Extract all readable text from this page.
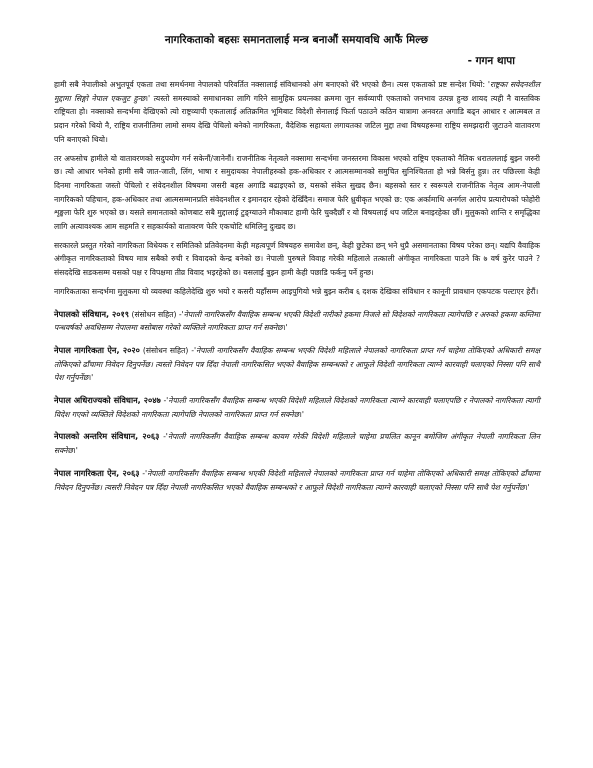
नागरिकताको बहसः समानतालाई मन्त्र बनाऔं समयावधि आफैं मिल्छ
- गगन थापा

हामी सबै नेपालीको अभुतपूर्व एकता तथा समर्थनमा नेपालको परिवर्तित नक्सालाई संविधानको अंग बनाएको धेरै भएको छैन। त्यस एकताको प्रष्ट सन्देश थियो: 'राष्ट्रका सवेदनशील मुद्दामा सिङ्गो नेपाल एकजुट हुन्छ।' त्यस्तो समस्याको समाधानका लागि गरिने सामुहिक प्रयत्नका क्रममा जुन सर्वव्यापी एकताको जनभाव उत्पन्न हुन्छ शायद त्यही नै वास्तविक राष्ट्रियता हो। नक्साको सन्दर्भमा देखिएको त्यो राष्ट्रव्यापी एकतालाई अतिक्रमित भूमिबाट विदेशी सेनालाई फिर्ता पठाउने कठिन यात्रामा अनवरत अगाडि बढ्न आधार र आत्मबल त प्रदान गरेको थियो नै, राष्ट्रिय राजनीतिमा लामो समय देखि पेचिलो बनेको नागरिकता, वैदेशिक सहायता लगायतका जटिल मुद्दा तथा विषयहरूमा राष्ट्रिय समझदारी जुटाउने वातावरण पनि बनाएको थियो।

तर अफसोच हामीले यो वातावरणको सदुपयोग गर्न सकेनौं/जानेनौं। राजनीतिक नेतृत्वले नक्सामा सन्दर्भमा जनस्तरमा विकास भएको राष्ट्रिय एकताको नैतिक धरातललाई बुझ्न जरुरी छ। त्यो आधार भनेको हामी सबै जात-जाती, लिंग, भाषा र समुदायका नेपालीहरुको हक-अधिकार र आत्मसम्मानको समुचित सुनिश्चितता हो भन्ने बिर्सनु हुन्न। तर पछिल्ला केही दिनमा नागरिकता जस्तो पेचिलो र संवेदनशील विषयमा जसरी बहस अगाडि बढाइएको छ, यसको संकेत सुखद छैन। बहसको स्तर र स्वरूपले राजनीतिक नेतृत्व आम-नेपाली नागरिकको पहिचान, हक-अधिकार तथा आत्मसम्मानप्रति संवेदनशील र इमानदार रहेको देखिँदैन। समाज फेरि ध्रुवीकृत भएको छ: एक अर्कामाथि अनर्गल आरोप प्रत्यारोपको फोहोरी शृङ्खला फेरि शुरु भएको छ। यसले समानताको कोणबाट सबै मुद्दालाई टुङ्ग्याउने मौकाबाट हामी फेरि चुक्दैछौं र यो विषयलाई थप जटिल बनाइरहेका छौं। मुलुकको शान्ति र समृद्धिका लागि अत्यावश्यक आम सहमति र सहकार्यको वातावरण फेरि एकचोटि धमिलिनु दुःखद छ।

सरकारले प्रस्तुत गरेको नागरिकता विधेयक र समितिको प्रतिवेदनमा केही महत्वपूर्ण विषयहरु समावेश छन्, केही छुटेका छन् भने थुप्रै असमानताका विषय परेका छन्। यद्यपि वैवाहिक अंगीकृत नागरिकताको विषय मात्र सबैको रुची र विवादको केन्द्र बनेको छ। नेपाली पुरुषले विवाह गरेकी महिलाले तत्काली अंगीकृत नागरिकता पाउने कि ७ वर्ष कुरेर पाउने ? संसददेखि सडकसम्म यसको पक्ष र विपक्षमा तीव्र विवाद भइरहेको छ। यसलाई बुझ्न हामी केही पछाडि फर्कनु पर्ने हुन्छ।

नागरिकताका सन्दर्भमा मुलुकमा यो व्यवस्था कहिलेदेखि शुरु भयो र कसरी यहाँसम्म आइपुगियो भन्ने बुझ्न करीब ६ दशक देखिका संविधान र कानूनी प्रावधान एकपटक पल्टाएर हेरौं।

नेपालको संविधान, २०१९ (संसोधन सहित) -'नेपाली नागरिकसँग वैवाहिक सम्बन्ध भएकी विदेशी नारीको हकमा निजले सो विदेशको नागरिकता त्यागेपछि र अरुको हकमा कम्तिमा पन्धवर्षको अवधिसम्म नेपालमा बसोबास गरेको व्यक्तिले नागरिकता प्राप्त गर्न सक्नेछ।'

नेपाल नागरिकता ऐन, २०२० (संसोधन सहित) -'नेपाली नागरिकसँग वैवाहिक सम्बन्ध भएकी विदेशी महिलाले नेपालको नागरिकता प्राप्त गर्न चाहेमा तोकिएको अधिकारी समक्ष तोकिएको ढाँचामा निवेदन दिनुपर्नेछ। त्यस्तो निवेदन पत्र दिँदा नेपाली नागरिकसित भएको वैवाहिक सम्बन्धको र आफूले विदेशी नागरिकता त्याग्ने कारवाही चलाएको निस्सा पनि साथै पेश गर्नुपर्नेछ।'

नेपाल अधिराज्यको संविधान, २०४७ -'नेपाली नागरिकसँग वैवाहिक सम्बन्ध भएकी विदेशी महिलाले विदेशको नागरिकता त्याग्ने कारवाही चलाएपछि र नेपालको नागरिकता त्यागी विदेश गएको व्यक्तिले विदेशको नागरिकता त्यागेपछि नेपालको नागरिकता प्राप्त गर्न सक्नेछ।'

नेपालको अन्तरिम संविधान, २०६३ -'नेपाली नागरिकसँग वैवाहिक सम्बन्ध कायम गरेकी विदेशी महिलाले चाहेमा प्रचलित कानून बमोजिम अंगीकृत नेपाली नागरिकता लिन सक्नेछ।'

नेपाल नागरिकता ऐन, २०६३ -'नेपाली नागरिकसँग वैवाहिक सम्बन्ध भएकी विदेशी महिलाले नेपालको नागरिकता प्राप्त गर्न चाहेमा तोकिएको अधिकारी समक्ष तोकिएको ढाँचामा निवेदन दिनुपर्नेछ। त्यसरी निवेदन पत्र दिँदा नेपाली नागरिकसित भएको वैवाहिक सम्बन्धको र आफूले विदेशी नागरिकता त्याग्ने कारवाही चलाएको निस्सा पनि साथै पेश गर्नुपर्नेछ।'
